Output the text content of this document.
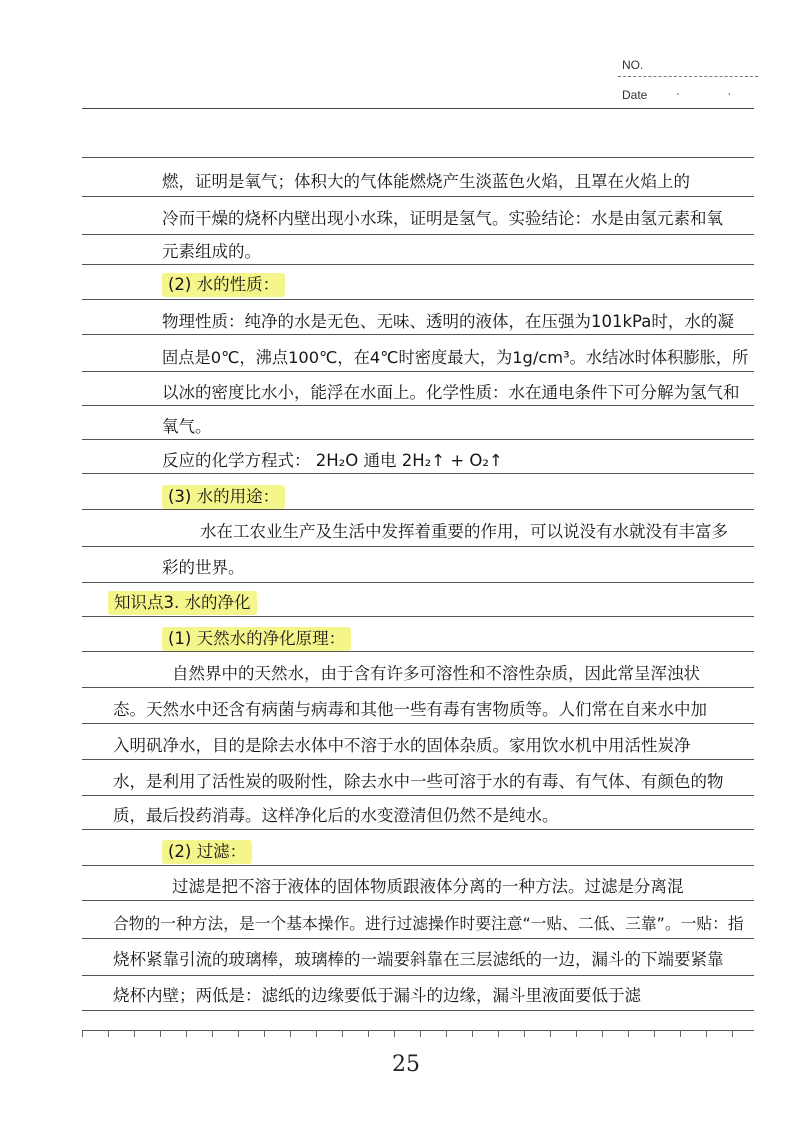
NO.
Date · ·
燃，证明是氧气；体积大的气体能燃烧产生淡蓝色火焰，且罩在火焰上的
冷而干燥的烧杯内壁出现小水珠，证明是氢气。实验结论：水是由氢元素和氧
元素组成的。
(2) 水的性质：
物理性质：纯净的水是无色、无味、透明的液体，在压强为101kPa时，水的凝
固点是0℃，沸点100℃，在4℃时密度最大，为1g/cm³。水结冰时体积膨胀，所
以冰的密度比水小，能浮在水面上。化学性质：水在通电条件下可分解为氢气和
氧气。
反应的化学方程式： 2H₂O 通电 2H₂↑ + O₂↑
(3) 水的用途：
水在工农业生产及生活中发挥着重要的作用，可以说没有水就没有丰富多
彩的世界。
知识点3. 水的净化
(1) 天然水的净化原理：
自然界中的天然水，由于含有许多可溶性和不溶性杂质，因此常呈浑浊状
态。天然水中还含有病菌与病毒和其他一些有毒有害物质等。人们常在自来水中加
入明矾净水，目的是除去水体中不溶于水的固体杂质。家用饮水机中用活性炭净
水，是利用了活性炭的吸附性，除去水中一些可溶于水的有毒、有气体、有颜色的物
质，最后投药消毒。这样净化后的水变澄清但仍然不是纯水。
(2) 过滤：
过滤是把不溶于液体的固体物质跟液体分离的一种方法。过滤是分离混
合物的一种方法，是一个基本操作。进行过滤操作时要注意“一贴、二低、三靠”。一贴：指
烧杯紧靠引流的玻璃棒，玻璃棒的一端要斜靠在三层滤纸的一边，漏斗的下端要紧靠
烧杯内壁；两低是：滤纸的边缘要低于漏斗的边缘，漏斗里液面要低于滤
25
